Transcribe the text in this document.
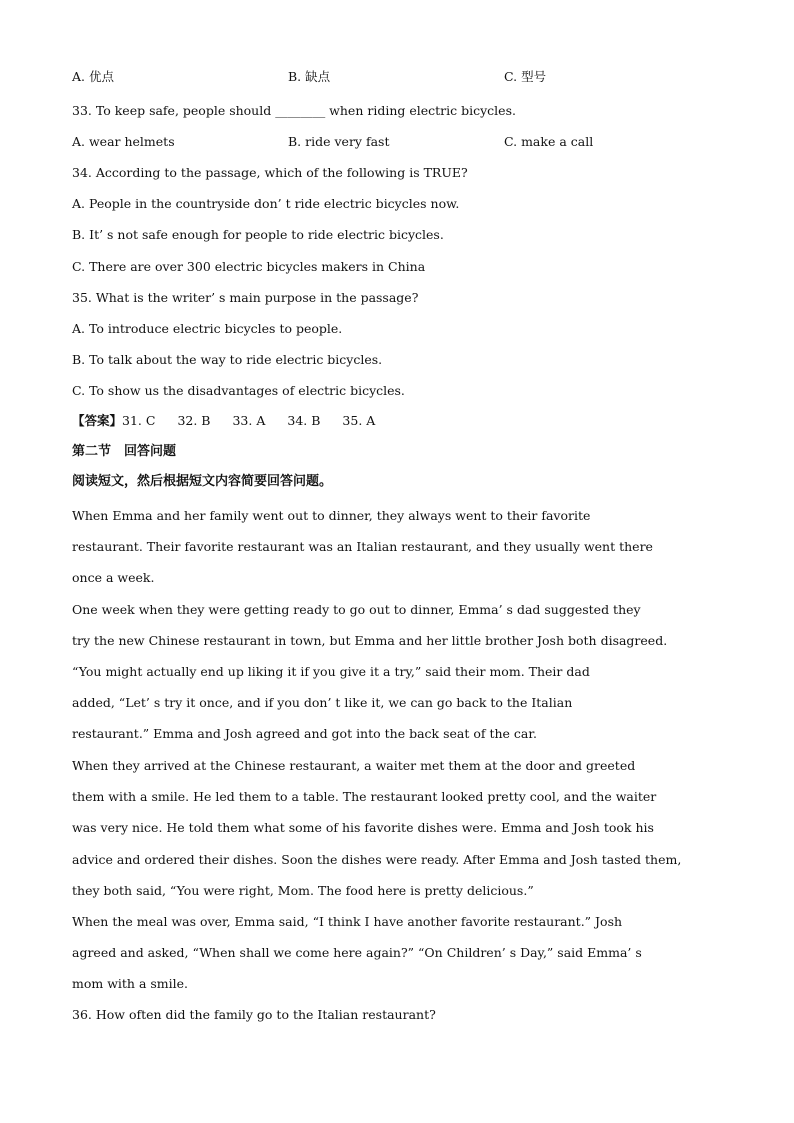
A. 优点	B. 缺点	C. 型号
33. To keep safe, people should ________ when riding electric bicycles.
A. wear helmets	B. ride very fast	C. make a call
34. According to the passage, which of the following is TRUE?
A. People in the countryside don’ t ride electric bicycles now.
B. It’ s not safe enough for people to ride electric bicycles.
C. There are over 300 electric bicycles makers in China
35. What is the writer’ s main purpose in the passage?
A. To introduce electric bicycles to people.
B. To talk about the way to ride electric bicycles.
C. To show us the disadvantages of electric bicycles.
【答案】31. C 32. B 33. A 34. B 35. A
第二节　回答问题
阅读短文，然后根据短文内容简要回答问题。
When Emma and her family went out to dinner, they always went to their favorite
restaurant. Their favorite restaurant was an Italian restaurant, and they usually went there
once a week.
One week when they were getting ready to go out to dinner, Emma’ s dad suggested they
try the new Chinese restaurant in town, but Emma and her little brother Josh both disagreed.
“You might actually end up liking it if you give it a try,” said their mom. Their dad
added, “Let’ s try it once, and if you don’ t like it, we can go back to the Italian
restaurant.” Emma and Josh agreed and got into the back seat of the car.
When they arrived at the Chinese restaurant, a waiter met them at the door and greeted
them with a smile. He led them to a table. The restaurant looked pretty cool, and the waiter
was very nice. He told them what some of his favorite dishes were. Emma and Josh took his
advice and ordered their dishes. Soon the dishes were ready. After Emma and Josh tasted them,
they both said, “You were right, Mom. The food here is pretty delicious.”
When the meal was over, Emma said, “I think I have another favorite restaurant.” Josh
agreed and asked, “When shall we come here again?” “On Children’ s Day,” said Emma’ s
mom with a smile.
36. How often did the family go to the Italian restaurant?
